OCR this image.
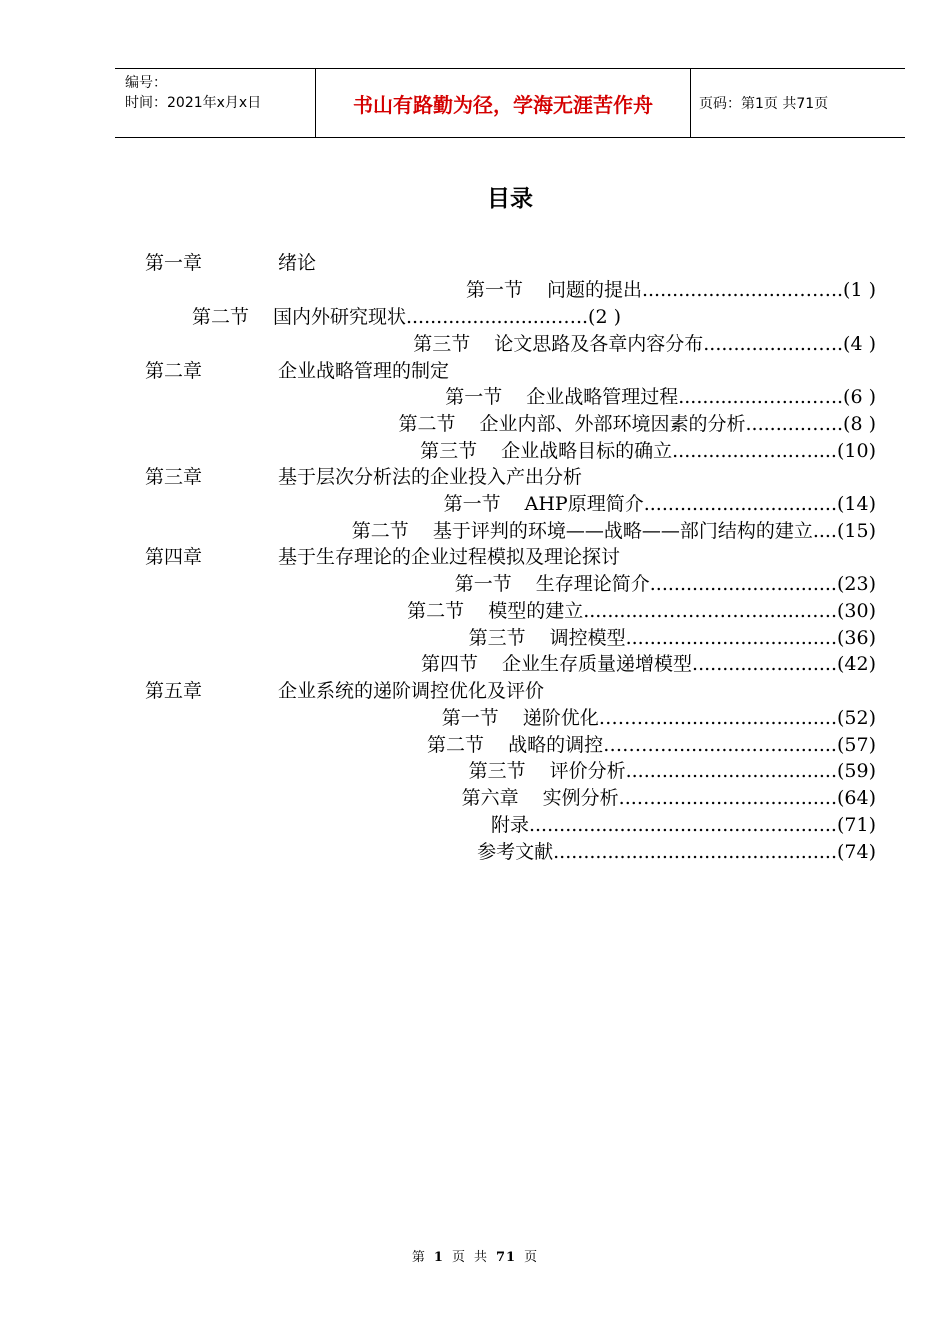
编号：
时间：2021年x月x日	书山有路勤为径，学海无涯苦作舟	页码：第1页 共71页
目录
第一章	绪论
第一节 问题的提出.........................……..(1 )
第二节 国内外研究现状.........................…..(2 )
第三节 论文思路及各章内容分布..................…..(4 )
第二章	企业战略管理的制定
第一节 企业战略管理过程..............….....…..(6 )
第二节 企业内部、外部环境因素的分析..........…...(8 )
第三节 企业战略目标的确立..............…...…....(10)
第三章	基于层次分析法的企业投入产出分析
第一节 AHP原理简介................................(14)
第二节 基于评判的环境——战略——部门结构的建立....(15)
第四章	基于生存理论的企业过程模拟及理论探讨
第一节 生存理论简介...............................(23)
第二节 模型的建立..........………………........…..(30)
第三节 调控模型...................................(36)
第四节 企业生存质量递增模型........................(42)
第五章	企业系统的递阶调控优化及评价
第一节 递阶优化………..............................(52)
第二节 战略的调控…………............…...........(57)
第三节 评价分析...................................(59)
第六章 实例分析...…..............................(64)
附录...................................................(71)
参考文献...............................................(74)
第 1 页 共 71 页
